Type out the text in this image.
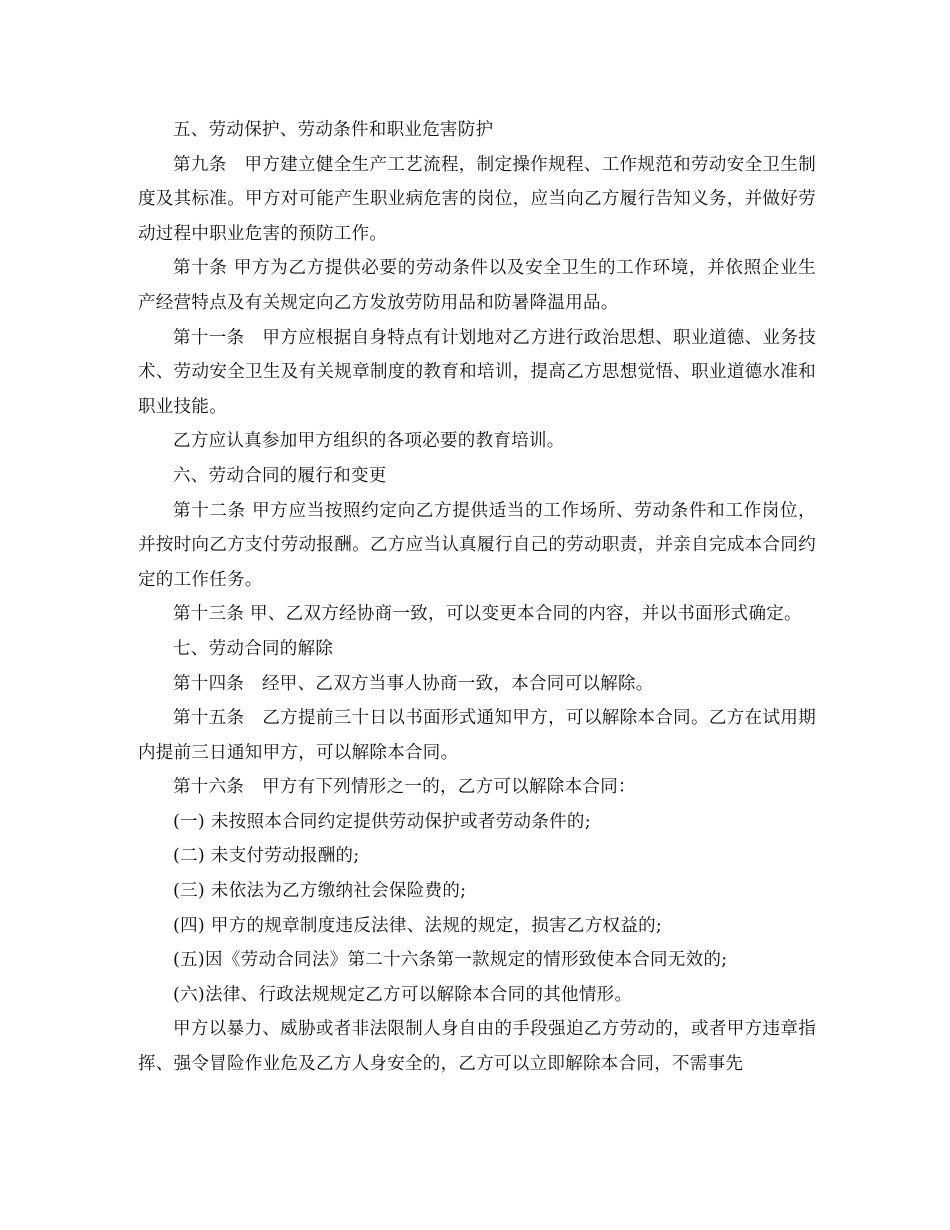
五、劳动保护、劳动条件和职业危害防护

第九条　甲方建立健全生产工艺流程，制定操作规程、工作规范和劳动安全卫生制度及其标准。甲方对可能产生职业病危害的岗位，应当向乙方履行告知义务，并做好劳动过程中职业危害的预防工作。

第十条 甲方为乙方提供必要的劳动条件以及安全卫生的工作环境，并依照企业生产经营特点及有关规定向乙方发放劳防用品和防暑降温用品。

第十一条　甲方应根据自身特点有计划地对乙方进行政治思想、职业道德、业务技术、劳动安全卫生及有关规章制度的教育和培训，提高乙方思想觉悟、职业道德水准和职业技能。

乙方应认真参加甲方组织的各项必要的教育培训。

六、劳动合同的履行和变更

第十二条 甲方应当按照约定向乙方提供适当的工作场所、劳动条件和工作岗位，并按时向乙方支付劳动报酬。乙方应当认真履行自己的劳动职责，并亲自完成本合同约定的工作任务。

第十三条 甲、乙双方经协商一致，可以变更本合同的内容，并以书面形式确定。

七、劳动合同的解除

第十四条　经甲、乙双方当事人协商一致，本合同可以解除。

第十五条　乙方提前三十日以书面形式通知甲方，可以解除本合同。乙方在试用期内提前三日通知甲方，可以解除本合同。

第十六条　甲方有下列情形之一的，乙方可以解除本合同：

(一) 未按照本合同约定提供劳动保护或者劳动条件的;

(二) 未支付劳动报酬的;

(三) 未依法为乙方缴纳社会保险费的;

(四) 甲方的规章制度违反法律、法规的规定，损害乙方权益的;

(五)因《劳动合同法》第二十六条第一款规定的情形致使本合同无效的;

(六)法律、行政法规规定乙方可以解除本合同的其他情形。

甲方以暴力、威胁或者非法限制人身自由的手段强迫乙方劳动的，或者甲方违章指挥、强令冒险作业危及乙方人身安全的，乙方可以立即解除本合同，不需事先
